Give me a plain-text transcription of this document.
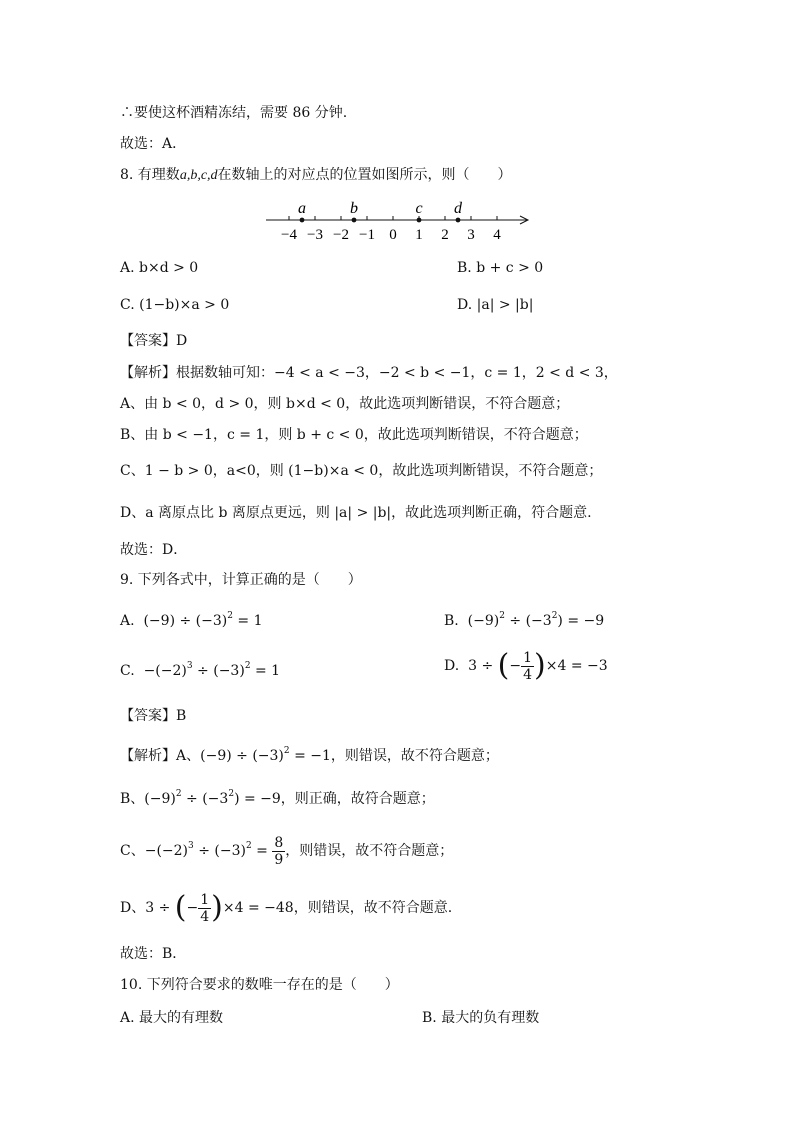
∴要使这杯酒精冻结，需要 86 分钟.
故选：A．
8. 有理数a,b,c,d在数轴上的对应点的位置如图所示，则（　　）
−4 −3 −2 −1 0 1 2 3 4
a	b	c d
A. b×d > 0	B. b + c > 0
C. (1−b)×a > 0	D. |a| > |b|
【答案】D
【解析】根据数轴可知：−4 < a < −3，−2 < b < −1，c = 1，2 < d < 3，
A、由 b < 0，d > 0，则 b×d < 0，故此选项判断错误，不符合题意；
B、由 b < −1，c = 1，则 b + c < 0，故此选项判断错误，不符合题意；
C、1 − b > 0，a<0，则 (1−b)×a < 0，故此选项判断错误，不符合题意；
D、a 离原点比 b 离原点更远，则 |a| > |b|，故此选项判断正确，符合题意.
故选：D．
9. 下列各式中，计算正确的是（　　）
A.  $(-9) \div (-3)^2 = 1$	B.  $(-9)^2 \div (-3^2) = -9$
C.  $-(-2)^3 \div (-3)^2 = 1$	D.  3 ÷ (− $\frac{1}{4} )\times 4 = -3$
【答案】B
【解析】A、$(-9) \div (-3)^2 = -1$，则错误，故不符合题意；
B、$(-9)^2 \div (-3^2) = -9$，则正确，故符合题意；
C、$-(-2)^3 \div (-3)^2 = \frac{8}{9}$ ，则错误，故不符合题意；
D、3 ÷ (− $\frac{1}{4} )\times 4 = -48$，则错误，故不符合题意.
故选：B．
10. 下列符合要求的数唯一存在的是（　　）
A. 最大的有理数	B. 最大的负有理数
